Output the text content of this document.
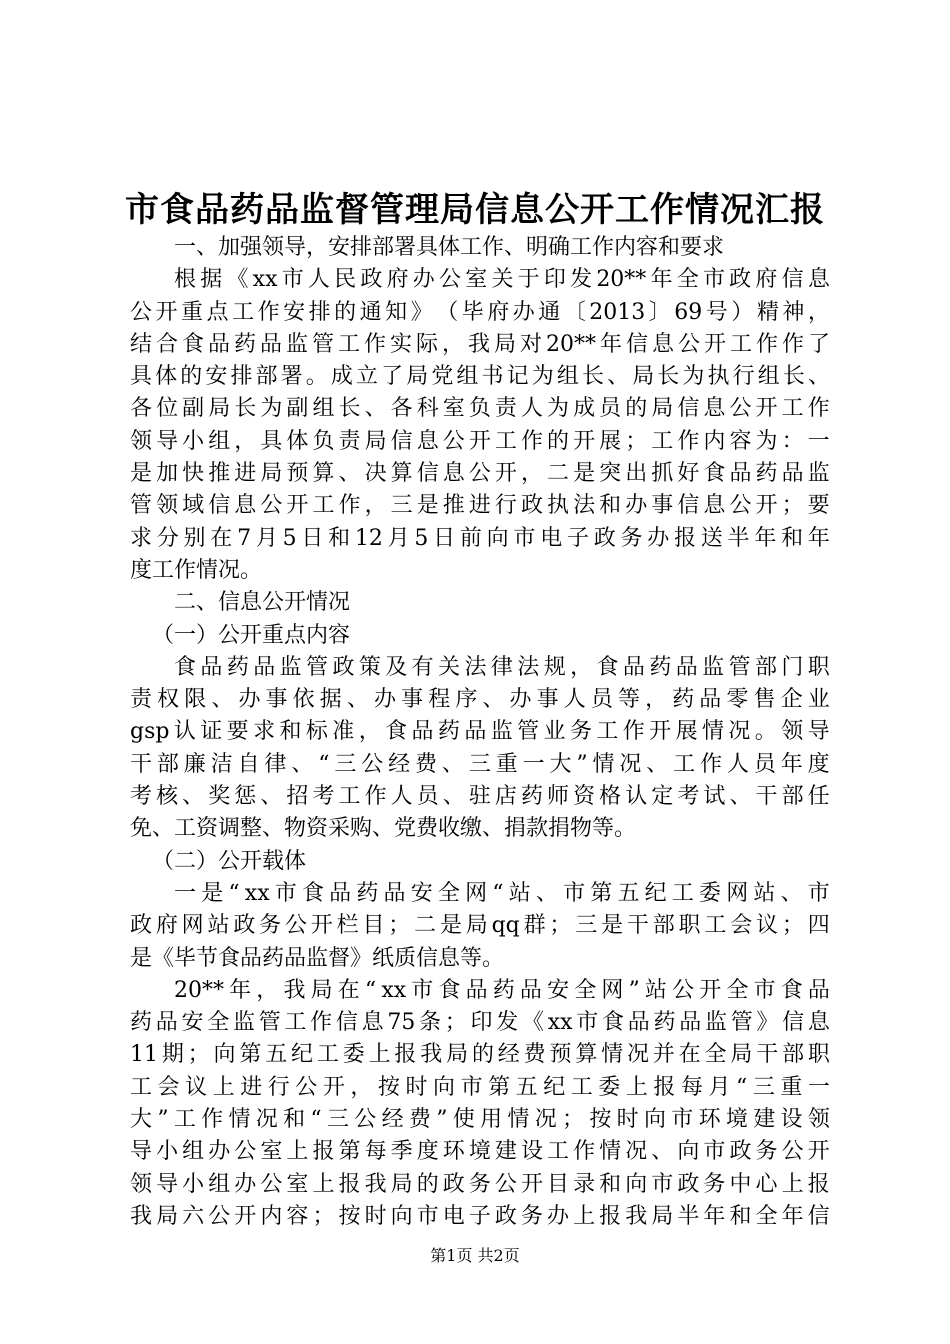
市食品药品监督管理局信息公开工作情况汇报
一、加强领导，安排部署具体工作、明确工作内容和要求
根 据 《 xx 市 人 民 政 府 办 公 室 关 于 印 发 20** 年 全 市 政 府 信 息
公 开 重 点 工 作 安 排 的 通 知 》 （ 毕 府 办 通 〔 2013 〕 69 号 ） 精 神 ，
结 合 食 品 药 品 监 管 工 作 实 际 ， 我 局 对 20** 年 信 息 公 开 工 作 作 了
具 体 的 安 排 部 署 。 成 立 了 局 党 组 书 记 为 组 长 、 局 长 为 执 行 组 长 、
各 位 副 局 长 为 副 组 长 、 各 科 室 负 责 人 为 成 员 的 局 信 息 公 开 工 作
领 导 小 组 ， 具 体 负 责 局 信 息 公 开 工 作 的 开 展 ； 工 作 内 容 为 ： 一
是 加 快 推 进 局 预 算 、 决 算 信 息 公 开 ， 二 是 突 出 抓 好 食 品 药 品 监
管 领 域 信 息 公 开 工 作 ， 三 是 推 进 行 政 执 法 和 办 事 信 息 公 开 ； 要
求 分 别 在 7 月 5 日 和 12 月 5 日 前 向 市 电 子 政 务 办 报 送 半 年 和 年
度工作情况。
二、信息公开情况
（一）公开重点内容
食 品 药 品 监 管 政 策 及 有 关 法 律 法 规 ， 食 品 药 品 监 管 部 门 职
责 权 限 、 办 事 依 据 、 办 事 程 序 、 办 事 人 员 等 ， 药 品 零 售 企 业
gsp 认 证 要 求 和 标 准 ， 食 品 药 品 监 管 业 务 工 作 开 展 情 况 。 领 导
干 部 廉 洁 自 律 、 “ 三 公 经 费 、 三 重 一 大 ” 情 况 、 工 作 人 员 年 度
考 核 、 奖 惩 、 招 考 工 作 人 员 、 驻 店 药 师 资 格 认 定 考 试 、 干 部 任
免、工资调整、物资采购、党费收缴、捐款捐物等。
（二）公开载体
一 是 “ xx 市 食 品 药 品 安 全 网 “ 站 、 市 第 五 纪 工 委 网 站 、 市
政 府 网 站 政 务 公 开 栏 目 ； 二 是 局 qq 群 ； 三 是 干 部 职 工 会 议 ； 四
是《毕节食品药品监督》纸质信息等。
20** 年 ， 我 局 在 “ xx 市 食 品 药 品 安 全 网 ” 站 公 开 全 市 食 品
药 品 安 全 监 管 工 作 信 息 75 条 ； 印 发 《 xx 市 食 品 药 品 监 管 》 信 息
11 期 ； 向 第 五 纪 工 委 上 报 我 局 的 经 费 预 算 情 况 并 在 全 局 干 部 职
工 会 议 上 进 行 公 开 ， 按 时 向 市 第 五 纪 工 委 上 报 每 月 “ 三 重 一
大 ” 工 作 情 况 和 “ 三 公 经 费 ” 使 用 情 况 ； 按 时 向 市 环 境 建 设 领
导 小 组 办 公 室 上 报 第 每 季 度 环 境 建 设 工 作 情 况 、 向 市 政 务 公 开
领 导 小 组 办 公 室 上 报 我 局 的 政 务 公 开 目 录 和 向 市 政 务 中 心 上 报
我 局 六 公 开 内 容 ； 按 时 向 市 电 子 政 务 办 上 报 我 局 半 年 和 全 年 信
第1页 共2页
